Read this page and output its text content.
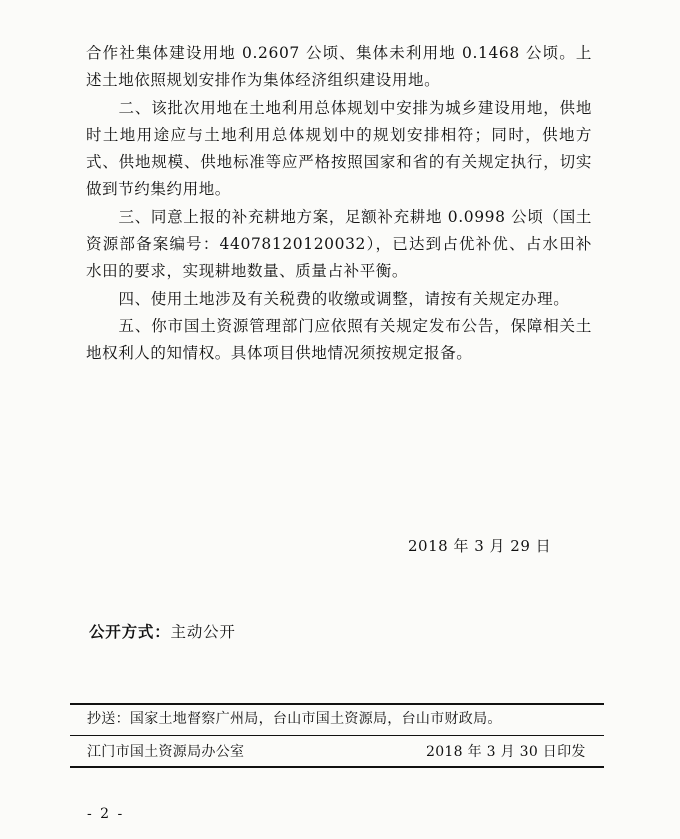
合作社集体建设用地 0.2607 公顷、集体未利用地 0.1468 公顷。上述土地依照规划安排作为集体经济组织建设用地。

二、该批次用地在土地利用总体规划中安排为城乡建设用地，供地时土地用途应与土地利用总体规划中的规划安排相符；同时，供地方式、供地规模、供地标准等应严格按照国家和省的有关规定执行，切实做到节约集约用地。

三、同意上报的补充耕地方案，足额补充耕地 0.0998 公顷（国土资源部备案编号：44078120120032），已达到占优补优、占水田补水田的要求，实现耕地数量、质量占补平衡。

四、使用土地涉及有关税费的收缴或调整，请按有关规定办理。

五、你市国土资源管理部门应依照有关规定发布公告，保障相关土地权利人的知情权。具体项目供地情况须按规定报备。

2018 年 3 月 29 日
公开方式：主动公开
抄送：国家土地督察广州局，台山市国土资源局，台山市财政局。
江门市国土资源局办公室	2018 年 3 月 30 日印发
- 2 -
